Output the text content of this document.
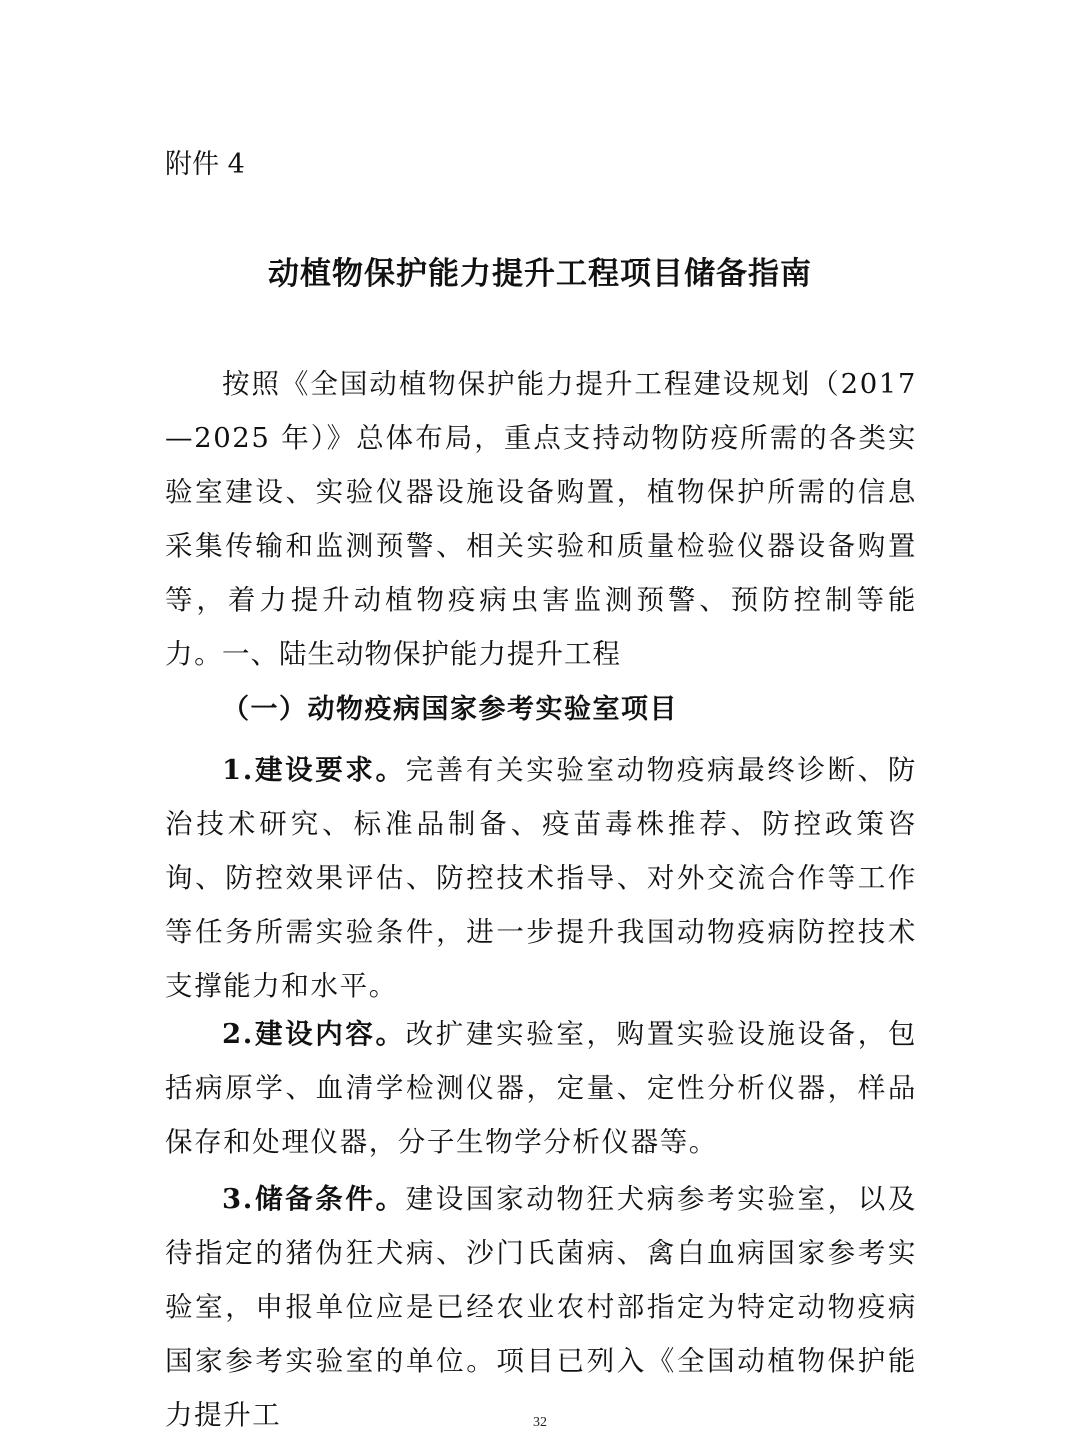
附件 4
动植物保护能力提升工程项目储备指南
按照《全国动植物保护能力提升工程建设规划（2017—2025 年）》总体布局，重点支持动物防疫所需的各类实验室建设、实验仪器设施设备购置，植物保护所需的信息采集传输和监测预警、相关实验和质量检验仪器设备购置等，着力提升动植物疫病虫害监测预警、预防控制等能力。
一、陆生动物保护能力提升工程
（一）动物疫病国家参考实验室项目
1.建设要求。完善有关实验室动物疫病最终诊断、防治技术研究、标准品制备、疫苗毒株推荐、防控政策咨询、防控效果评估、防控技术指导、对外交流合作等工作等任务所需实验条件，进一步提升我国动物疫病防控技术支撑能力和水平。
2.建设内容。改扩建实验室，购置实验设施设备，包括病原学、血清学检测仪器，定量、定性分析仪器，样品保存和处理仪器，分子生物学分析仪器等。
3.储备条件。建设国家动物狂犬病参考实验室，以及待指定的猪伪狂犬病、沙门氏菌病、禽白血病国家参考实验室，申报单位应是已经农业农村部指定为特定动物疫病国家参考实验室的单位。项目已列入《全国动植物保护能力提升工	32
